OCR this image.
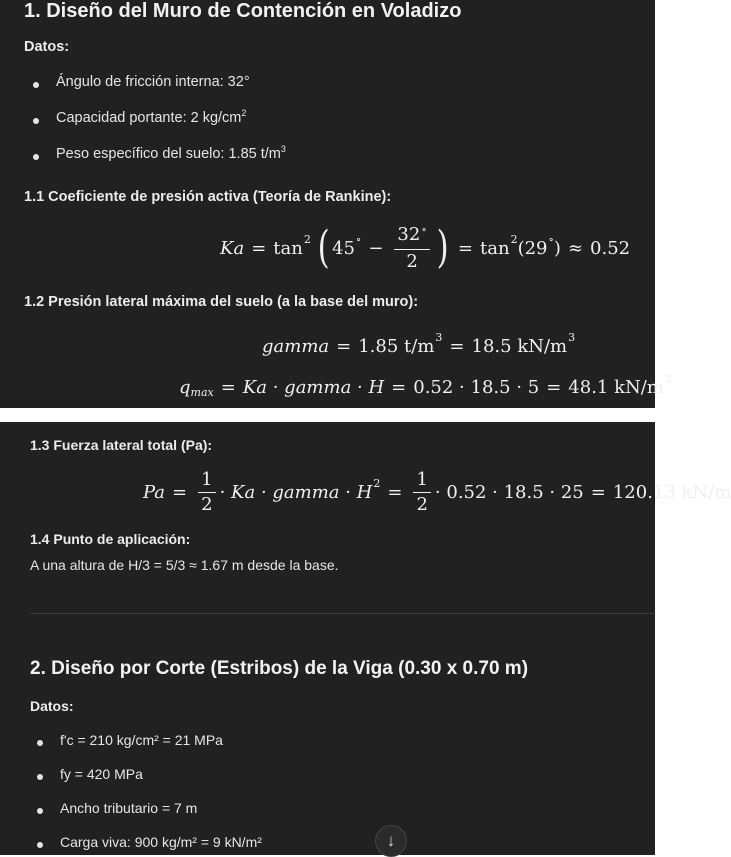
1. Diseño del Muro de Contención en Voladizo
Datos:
Ángulo de fricción interna: 32°
Capacidad portante: 2 $kg/cm^2$
Peso específico del suelo: 1.85 $t/m^3$
1.1 Coeficiente de presión activa (Teoría de Rankine):
Ka = tan 2 ( 45 ∘ − $\frac{32^\circ}{2}$ ) = tan 2 (29 ∘ ) ≈ 0.52
1.2 Presión lateral máxima del suelo (a la base del muro):
gamma = 1.85
t/m 3 = 18.5
kN/m 3
q max = Ka · gamma · H = 0.52 · 18.5 · 5 = 48.1
kN/m 2
1.3 Fuerza lateral total (Pa):
$Pa = \frac{1}{2} \cdot Ka$ · gamma · H $2 = \frac{1}{2} \cdot 0.52 \cdot 18.5 \cdot 25 = 120.13$
kN/m
1.4 Punto de aplicación:
A una altura de H/3 = 5/3 ≈ 1.67 m desde la base.
2. Diseño por Corte (Estribos) de la Viga (0.30 x 0.70 m)
Datos:
f'c = 210 kg/cm² = 21 MPa
fy = 420 MPa
Ancho tributario = 7 m
Carga viva: 900 kg/m² = 9 kN/m²	↓
